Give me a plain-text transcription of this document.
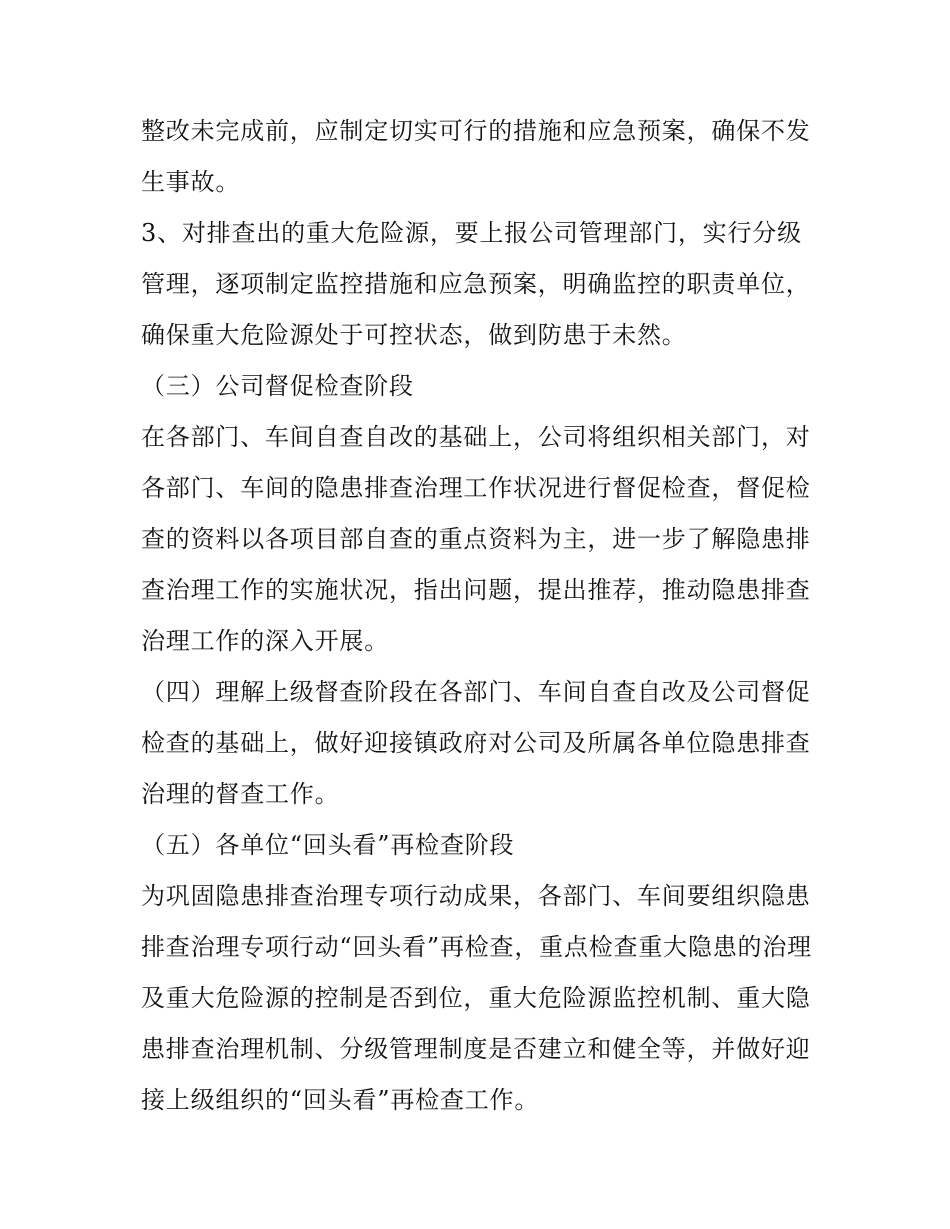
整改未完成前，应制定切实可行的措施和应急预案，确保不发
生事故。
3、对排查出的重大危险源，要上报公司管理部门，实行分级
管理，逐项制定监控措施和应急预案，明确监控的职责单位，
确保重大危险源处于可控状态，做到防患于未然。
（三）公司督促检查阶段
在各部门、车间自查自改的基础上，公司将组织相关部门，对
各部门、车间的隐患排查治理工作状况进行督促检查，督促检
查的资料以各项目部自查的重点资料为主，进一步了解隐患排
查治理工作的实施状况，指出问题，提出推荐，推动隐患排查
治理工作的深入开展。
（四）理解上级督查阶段在各部门、车间自查自改及公司督促
检查的基础上，做好迎接镇政府对公司及所属各单位隐患排查
治理的督查工作。
（五）各单位“回头看”再检查阶段
为巩固隐患排查治理专项行动成果，各部门、车间要组织隐患
排查治理专项行动“回头看”再检查，重点检查重大隐患的治理
及重大危险源的控制是否到位，重大危险源监控机制、重大隐
患排查治理机制、分级管理制度是否建立和健全等，并做好迎
接上级组织的“回头看”再检查工作。
